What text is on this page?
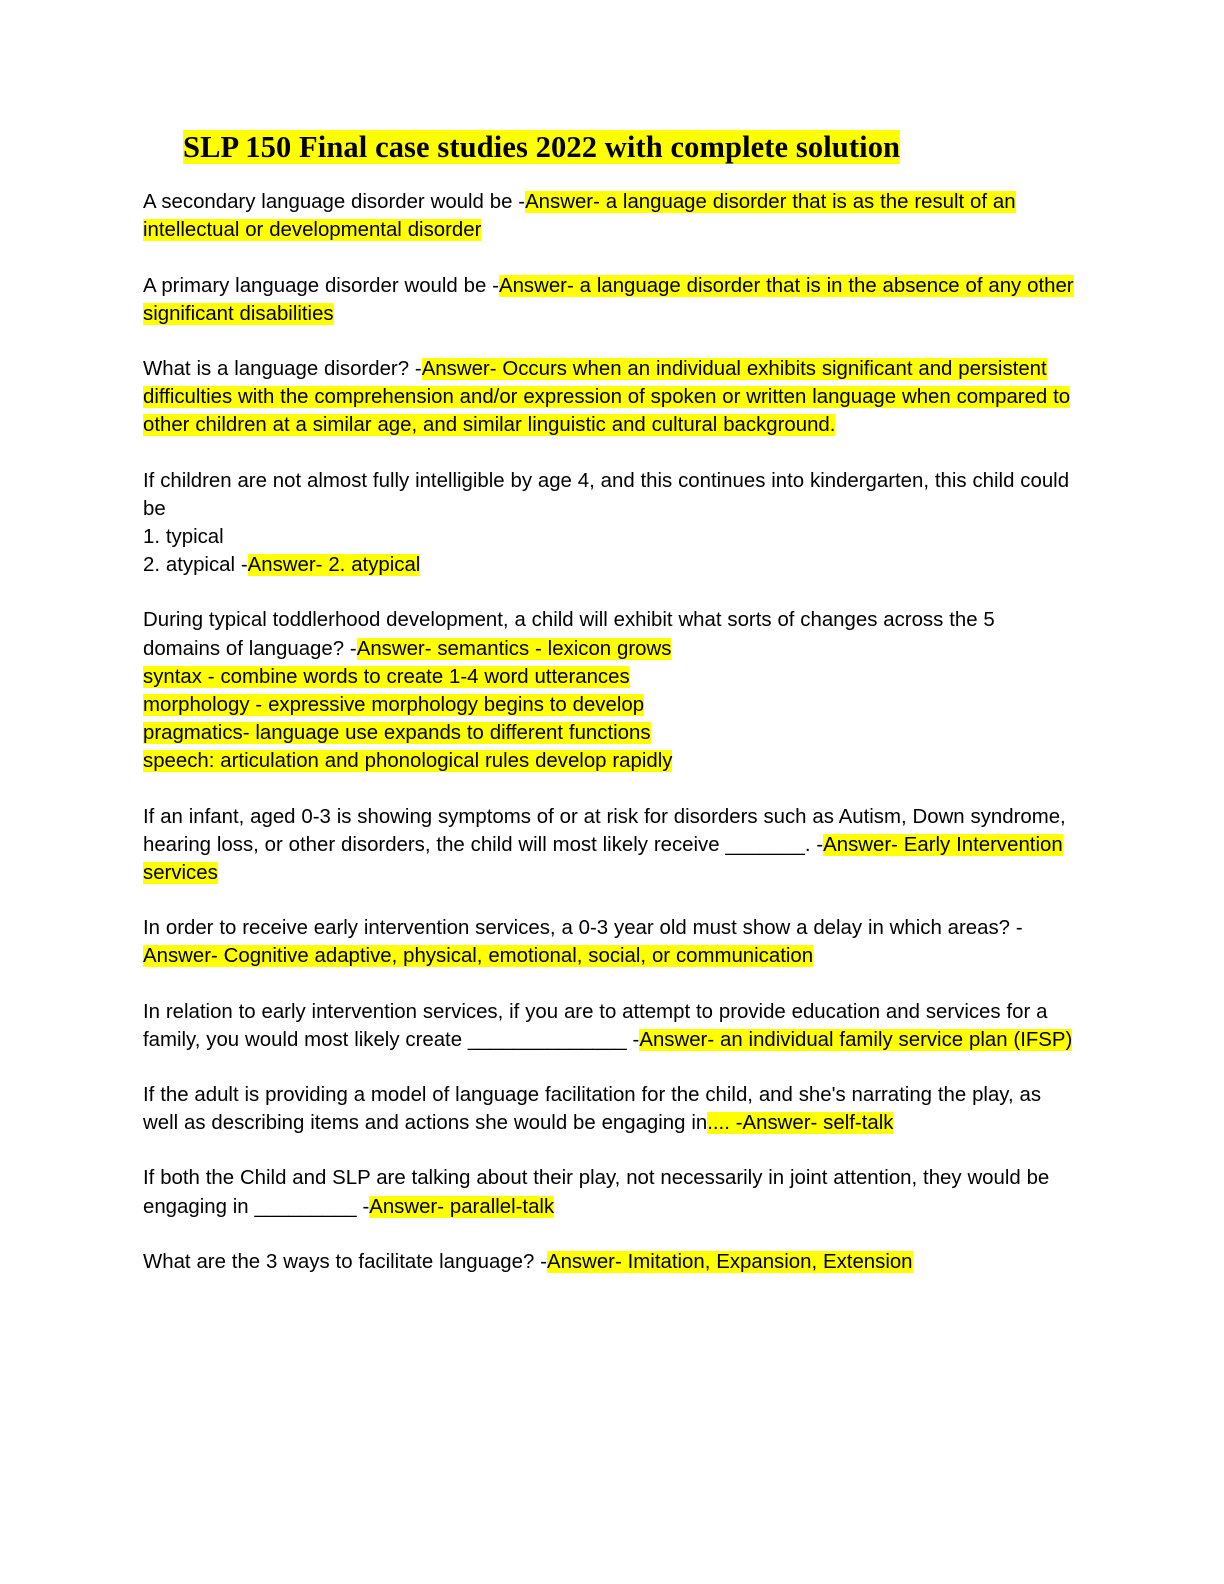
SLP 150 Final case studies 2022 with complete solution

A secondary language disorder would be -Answer- a language disorder that is as the result of an intellectual or developmental disorder

A primary language disorder would be -Answer- a language disorder that is in the absence of any other significant disabilities

What is a language disorder? -Answer- Occurs when an individual exhibits significant and persistent difficulties with the comprehension and/or expression of spoken or written language when compared to other children at a similar age, and similar linguistic and cultural background.

If children are not almost fully intelligible by age 4, and this continues into kindergarten, this child could be
1. typical
2. atypical -Answer- 2. atypical

During typical toddlerhood development, a child will exhibit what sorts of changes across the 5 domains of language? -Answer- semantics - lexicon grows
syntax - combine words to create 1-4 word utterances
morphology - expressive morphology begins to develop
pragmatics- language use expands to different functions
speech: articulation and phonological rules develop rapidly

If an infant, aged 0-3 is showing symptoms of or at risk for disorders such as Autism, Down syndrome, hearing loss, or other disorders, the child will most likely receive _______. -Answer- Early Intervention services

In order to receive early intervention services, a 0-3 year old must show a delay in which areas? -Answer- Cognitive adaptive, physical, emotional, social, or communication

In relation to early intervention services, if you are to attempt to provide education and services for a family, you would most likely create ______________ -Answer- an individual family service plan (IFSP)

If the adult is providing a model of language facilitation for the child, and she's narrating the play, as well as describing items and actions she would be engaging in.... -Answer- self-talk

If both the Child and SLP are talking about their play, not necessarily in joint attention, they would be engaging in _________ -Answer- parallel-talk

What are the 3 ways to facilitate language? -Answer- Imitation, Expansion, Extension
